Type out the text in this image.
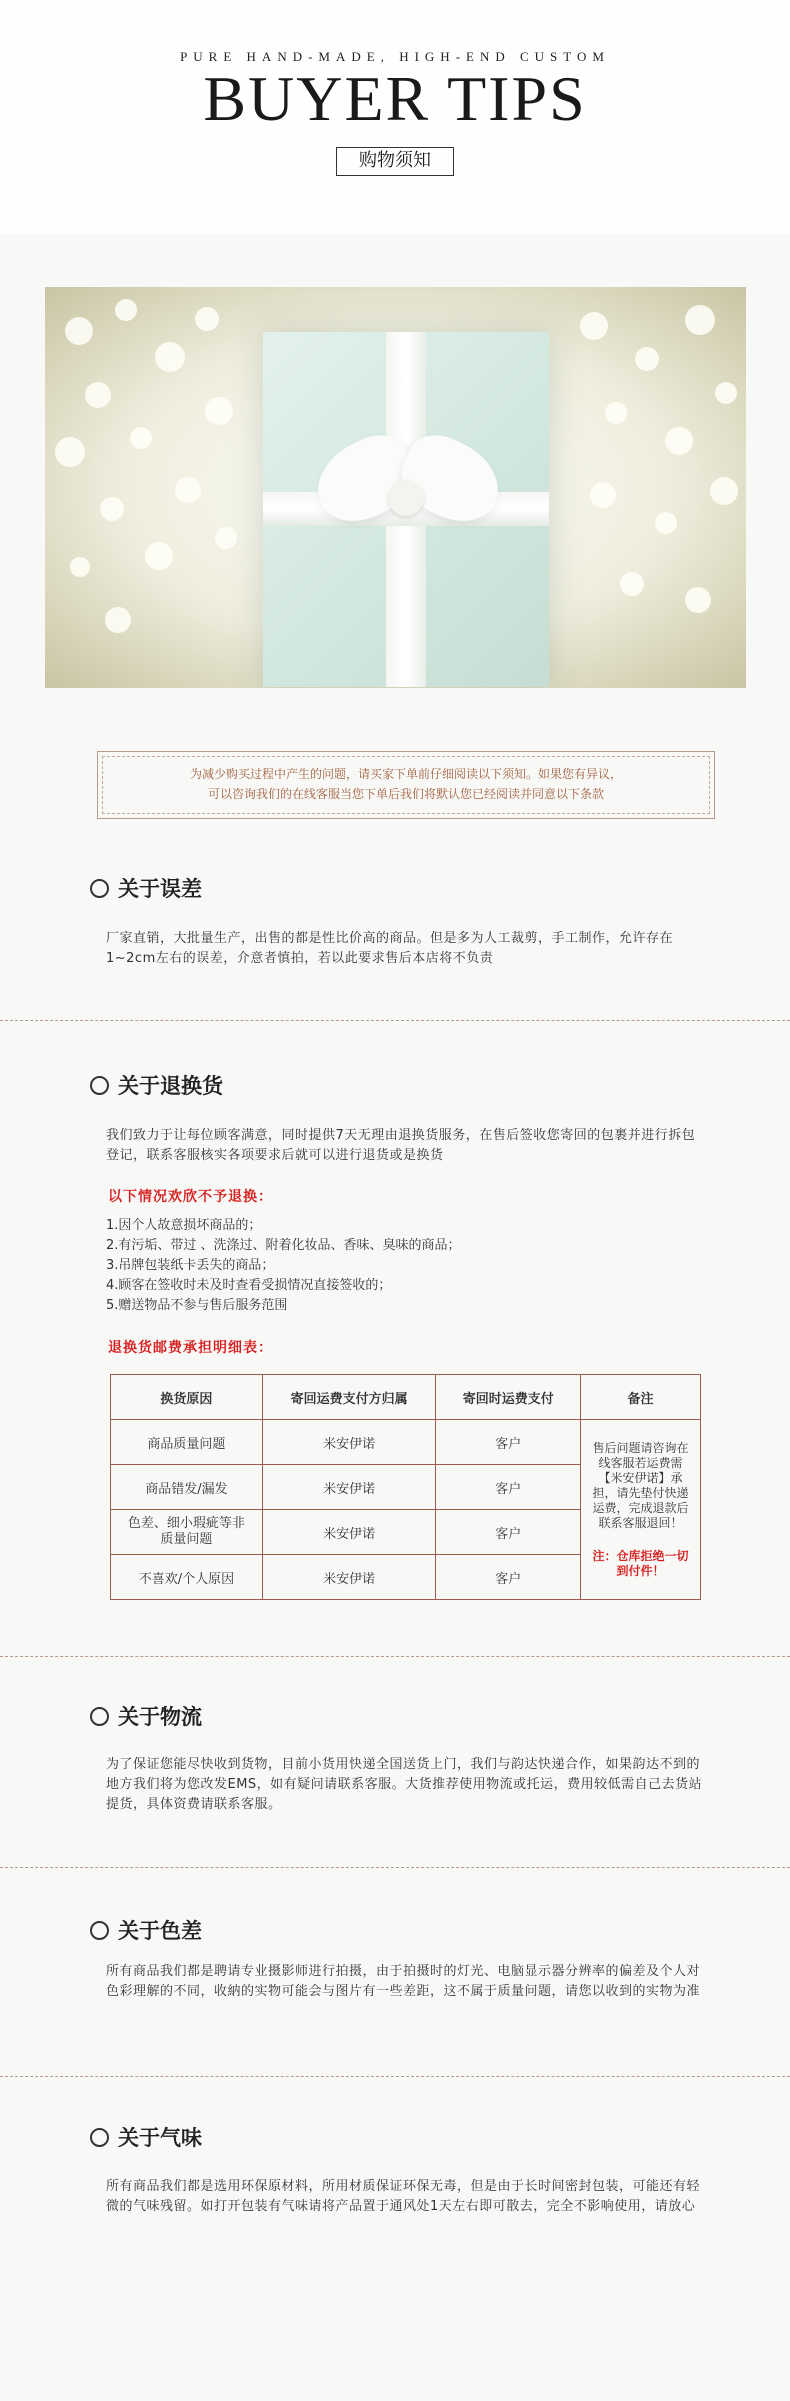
PURE HAND-MADE, HIGH-END CUSTOM
BUYER TIPS
购物须知
为减少购买过程中产生的问题，请买家下单前仔细阅读以下须知。如果您有异议，
可以咨询我们的在线客服当您下单后我们将默认您已经阅读并同意以下条款
关于误差
厂家直销，大批量生产，出售的都是性比价高的商品。但是多为人工裁剪，手工制作，允许存在1~2cm左右的误差，介意者慎拍，若以此要求售后本店将不负责
关于退换货
我们致力于让每位顾客满意，同时提供7天无理由退换货服务，在售后签收您寄回的包裹并进行拆包登记，联系客服核实各项要求后就可以进行退货或是换货
以下情况欢欣不予退换：
1.因个人故意损坏商品的；
2.有污垢、带过 、洗涤过、附着化妆品、香味、臭味的商品；
3.吊牌包装纸卡丢失的商品；
4.顾客在签收时未及时查看受损情况直接签收的；
5.赠送物品不参与售后服务范围
退换货邮费承担明细表：
换货原因	寄回运费支付方归属	寄回时运费支付	备注
商品质量问题	米安伊诺	客户	售后问题请咨询在线客服若运费需【米安伊诺】承担，请先垫付快递运费，完成退款后联系客服退回！
注：仓库拒绝一切到付件！

商品错发/漏发	米安伊诺	客户	
色差、细小瑕疵等非质量问题	米安伊诺	客户	
不喜欢/个人原因	米安伊诺	客户	
关于物流
为了保证您能尽快收到货物，目前小货用快递全国送货上门，我们与韵达快递合作，如果韵达不到的地方我们将为您改发EMS，如有疑问请联系客服。大货推荐使用物流或托运，费用较低需自己去货站提货，具体资费请联系客服。
关于色差
所有商品我们都是聘请专业摄影师进行拍摄，由于拍摄时的灯光、电脑显示器分辨率的偏差及个人对色彩理解的不同，收納的实物可能会与图片有一些差距，这不属于质量问题，请您以收到的实物为准
关于气味
所有商品我们都是选用环保原材料，所用材质保证环保无毒，但是由于长时间密封包装，可能还有轻微的气味残留。如打开包装有气味请将产品置于通风处1天左右即可散去，完全不影响使用，请放心
